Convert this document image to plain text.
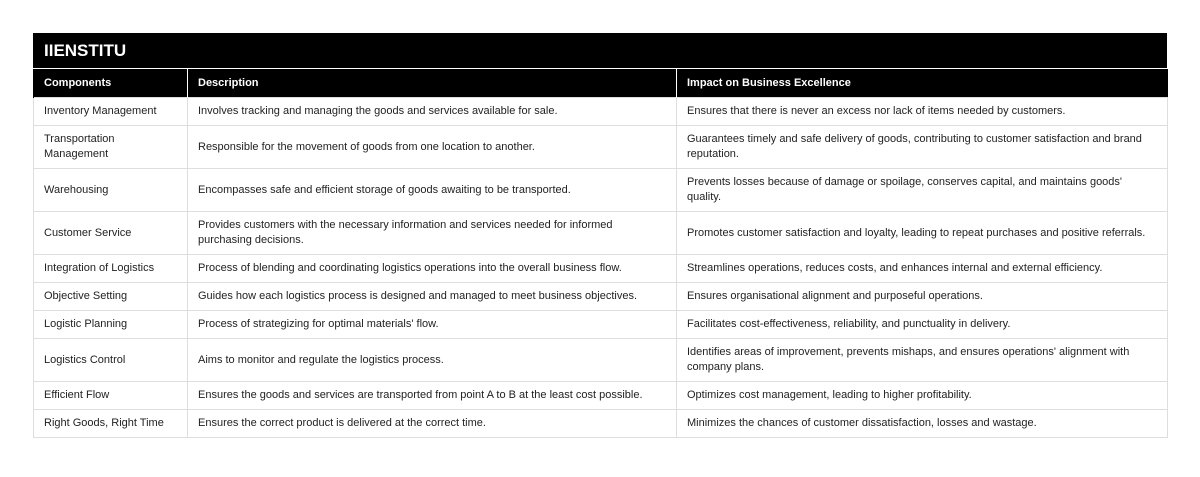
IIENSTITU
Components	Description	Impact on Business Excellence
Inventory Management	Involves tracking and managing the goods and services available for sale.	Ensures that there is never an excess nor lack of items needed by customers.
Transportation Management	Responsible for the movement of goods from one location to another.	Guarantees timely and safe delivery of goods, contributing to customer satisfaction and brand reputation.
Warehousing	Encompasses safe and efficient storage of goods awaiting to be transported.	Prevents losses because of damage or spoilage, conserves capital, and maintains goods' quality.
Customer Service	Provides customers with the necessary information and services needed for informed purchasing decisions.	Promotes customer satisfaction and loyalty, leading to repeat purchases and positive referrals.
Integration of Logistics	Process of blending and coordinating logistics operations into the overall business flow.	Streamlines operations, reduces costs, and enhances internal and external efficiency.
Objective Setting	Guides how each logistics process is designed and managed to meet business objectives.	Ensures organisational alignment and purposeful operations.
Logistic Planning	Process of strategizing for optimal materials' flow.	Facilitates cost-effectiveness, reliability, and punctuality in delivery.
Logistics Control	Aims to monitor and regulate the logistics process.	Identifies areas of improvement, prevents mishaps, and ensures operations' alignment with company plans.
Efficient Flow	Ensures the goods and services are transported from point A to B at the least cost possible.	Optimizes cost management, leading to higher profitability.
Right Goods, Right Time	Ensures the correct product is delivered at the correct time.	Minimizes the chances of customer dissatisfaction, losses and wastage.
